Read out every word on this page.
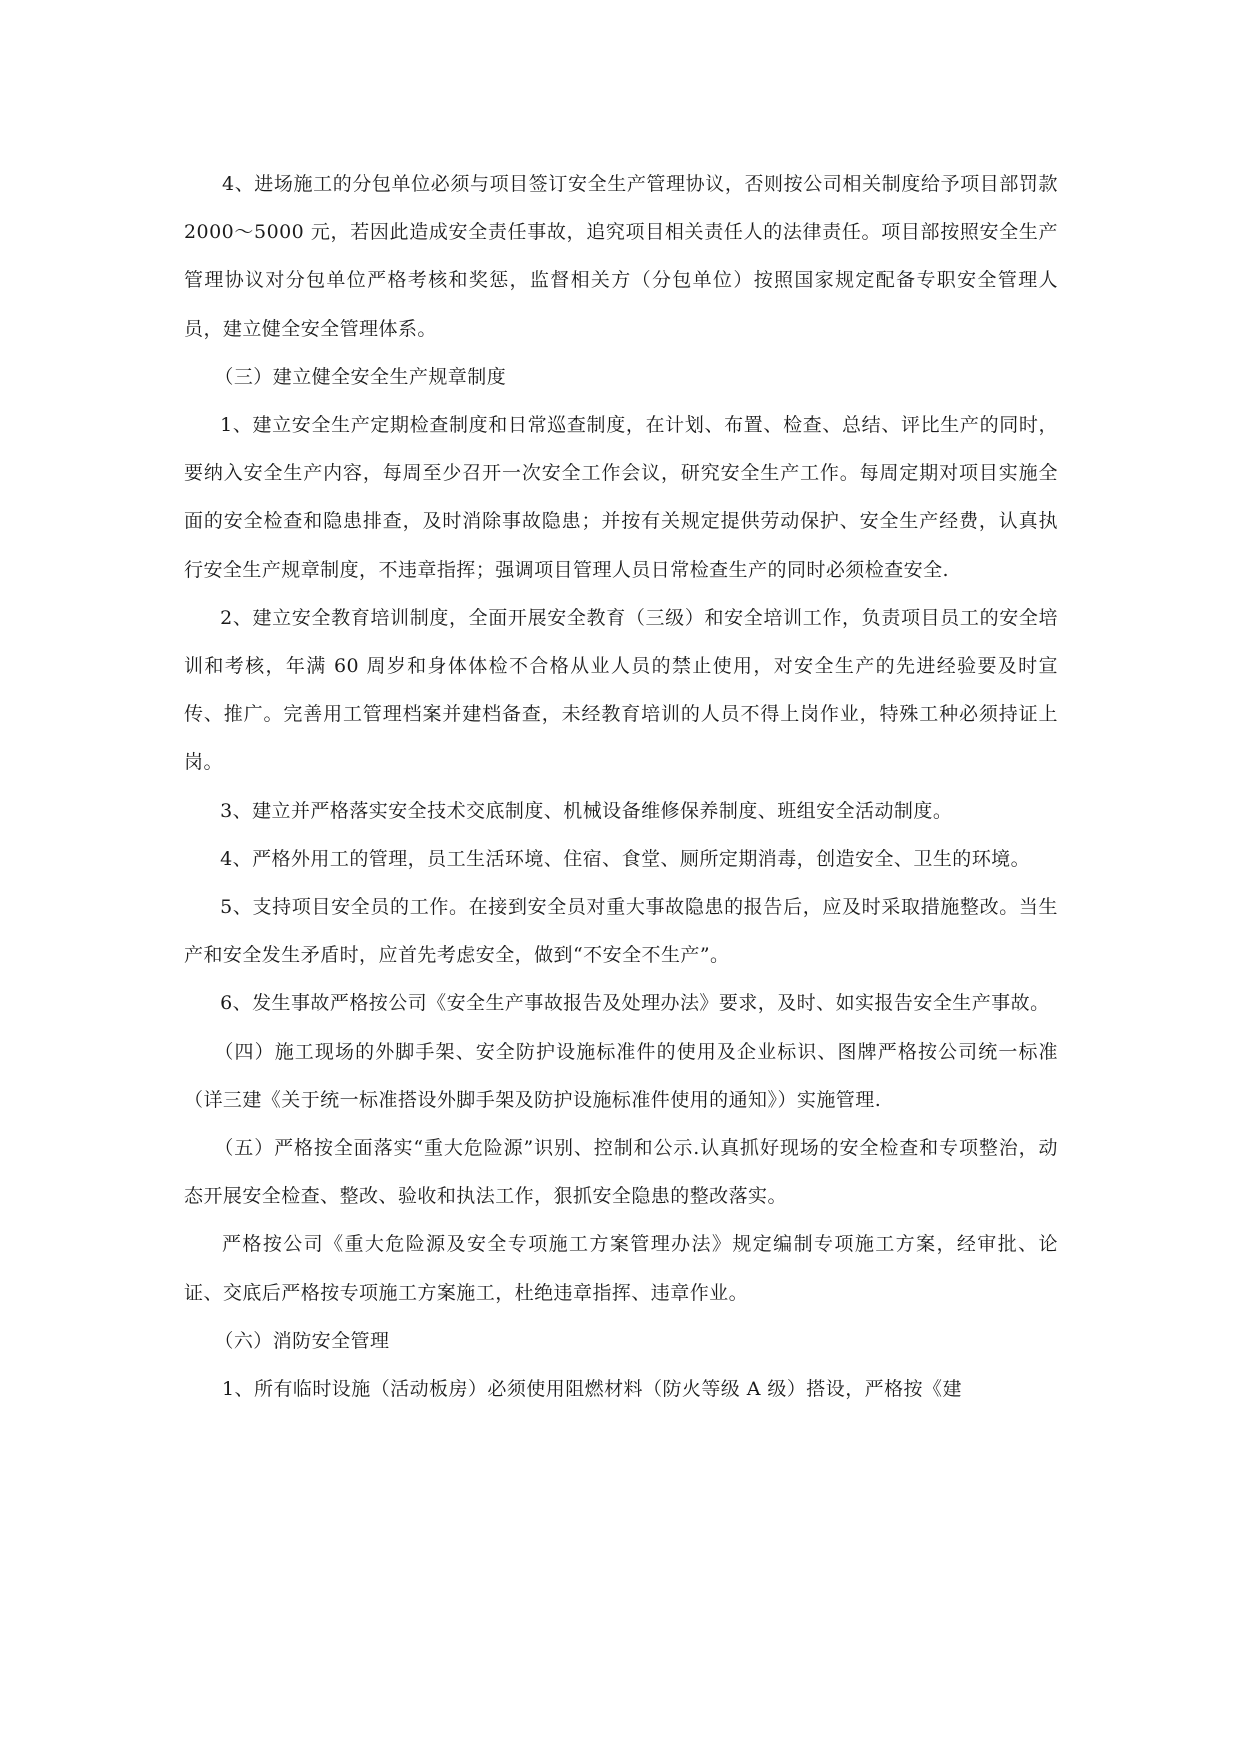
4、进场施工的分包单位必须与项目签订安全生产管理协议，否则按公司相关制度给予项目部罚款 2000～5000 元，若因此造成安全责任事故，追究项目相关责任人的法律责任。项目部按照安全生产管理协议对分包单位严格考核和奖惩，监督相关方（分包单位）按照国家规定配备专职安全管理人员，建立健全安全管理体系。

（三）建立健全安全生产规章制度

1、建立安全生产定期检查制度和日常巡查制度，在计划、布置、检查、总结、评比生产的同时，要纳入安全生产内容，每周至少召开一次安全工作会议，研究安全生产工作。每周定期对项目实施全面的安全检查和隐患排查，及时消除事故隐患；并按有关规定提供劳动保护、安全生产经费，认真执行安全生产规章制度，不违章指挥；强调项目管理人员日常检查生产的同时必须检查安全.

2、建立安全教育培训制度，全面开展安全教育（三级）和安全培训工作，负责项目员工的安全培训和考核，年满 60 周岁和身体体检不合格从业人员的禁止使用，对安全生产的先进经验要及时宣传、推广。完善用工管理档案并建档备查，未经教育培训的人员不得上岗作业，特殊工种必须持证上岗。

3、建立并严格落实安全技术交底制度、机械设备维修保养制度、班组安全活动制度。

4、严格外用工的管理，员工生活环境、住宿、食堂、厕所定期消毒，创造安全、卫生的环境。

5、支持项目安全员的工作。在接到安全员对重大事故隐患的报告后，应及时采取措施整改。当生产和安全发生矛盾时，应首先考虑安全，做到“不安全不生产”。

6、发生事故严格按公司《安全生产事故报告及处理办法》要求，及时、如实报告安全生产事故。

（四）施工现场的外脚手架、安全防护设施标准件的使用及企业标识、图牌严格按公司统一标准（详三建《关于统一标准搭设外脚手架及防护设施标准件使用的通知》）实施管理.

（五）严格按全面落实“重大危险源”识别、控制和公示.认真抓好现场的安全检查和专项整治，动态开展安全检查、整改、验收和执法工作，狠抓安全隐患的整改落实。

严格按公司《重大危险源及安全专项施工方案管理办法》规定编制专项施工方案，经审批、论证、交底后严格按专项施工方案施工，杜绝违章指挥、违章作业。

（六）消防安全管理

1、所有临时设施（活动板房）必须使用阻燃材料（防火等级 A 级）搭设，严格按《建
